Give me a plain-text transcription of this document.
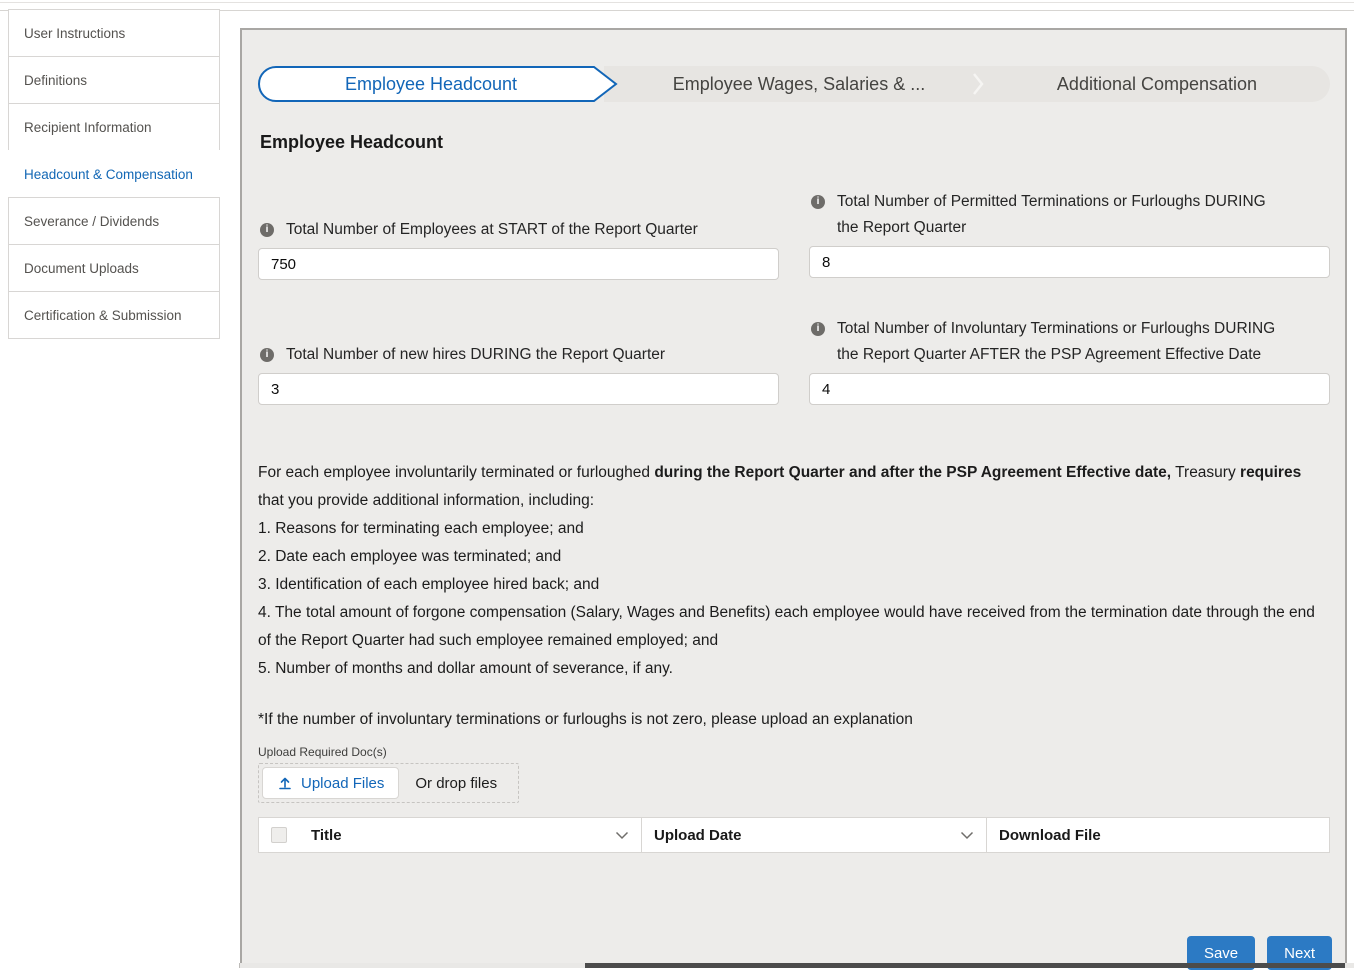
User Instructions
Definitions
Recipient Information
Headcount & Compensation
Severance / Dividends
Document Uploads
Certification & Submission
Employee Headcount	Employee Wages, Salaries & ...	Additional Compensation
Employee Headcount
i	Total Number of Employees at START of the Report Quarter
750
i	Total Number of Permitted Terminations or Furloughs DURING the Report Quarter
8
i	Total Number of new hires DURING the Report Quarter
3
i	Total Number of Involuntary Terminations or Furloughs DURING the Report Quarter AFTER the PSP Agreement Effective Date
4
For each employee involuntarily terminated or furloughed during the Report Quarter and after the PSP Agreement Effective date, Treasury requires that you provide additional information, including:
1. Reasons for terminating each employee; and
2. Date each employee was terminated; and
3. Identification of each employee hired back; and
4. The total amount of forgone compensation (Salary, Wages and Benefits) each employee would have received from the termination date through the end of the Report Quarter had such employee remained employed; and
5. Number of months and dollar amount of severance, if any.
*If the number of involuntary terminations or furloughs is not zero, please upload an explanation
Upload Required Doc(s)
Upload Files Or drop files
Title	Upload Date	Download File
Save	Next
